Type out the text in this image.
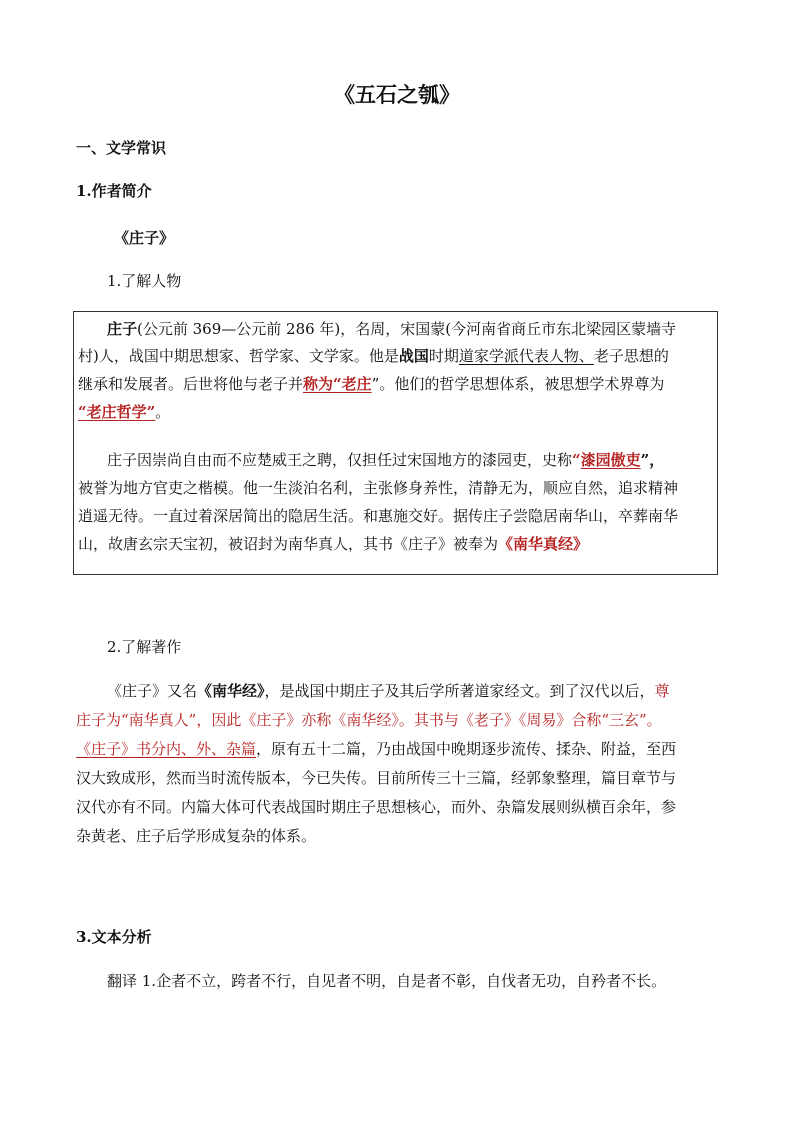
《五石之瓠》
一、文学常识
1.作者简介
《庄子》
1.了解人物
庄子(公元前 369—公元前 286 年)，名周，宋国蒙(今河南省商丘市东北梁园区蒙墙寺
村)人，战国中期思想家、哲学家、文学家。他是战国时期道家学派代表人物、老子思想的
继承和发展者。后世将他与老子并称为“老庄”。他们的哲学思想体系，被思想学术界尊为
“老庄哲学”。
庄子因崇尚自由而不应楚威王之聘，仅担任过宋国地方的漆园吏，史称“漆园傲吏”，
被誉为地方官吏之楷模。他一生淡泊名利，主张修身养性，清静无为，顺应自然，追求精神
逍遥无待。一直过着深居简出的隐居生活。和惠施交好。据传庄子尝隐居南华山，卒葬南华
山，故唐玄宗天宝初，被诏封为南华真人，其书《庄子》被奉为《南华真经》
2.了解著作
《庄子》又名《南华经》，是战国中期庄子及其后学所著道家经文。到了汉代以后，尊
庄子为“南华真人”，因此《庄子》亦称《南华经》。其书与《老子》《周易》合称“三玄”。
《庄子》书分内、外、杂篇，原有五十二篇，乃由战国中晚期逐步流传、揉杂、附益，至西
汉大致成形，然而当时流传版本，今已失传。目前所传三十三篇，经郭象整理，篇目章节与
汉代亦有不同。内篇大体可代表战国时期庄子思想核心，而外、杂篇发展则纵横百余年，参
杂黄老、庄子后学形成复杂的体系。
3.文本分析
翻译 1.企者不立，跨者不行，自见者不明，自是者不彰，自伐者无功，自矜者不长。
